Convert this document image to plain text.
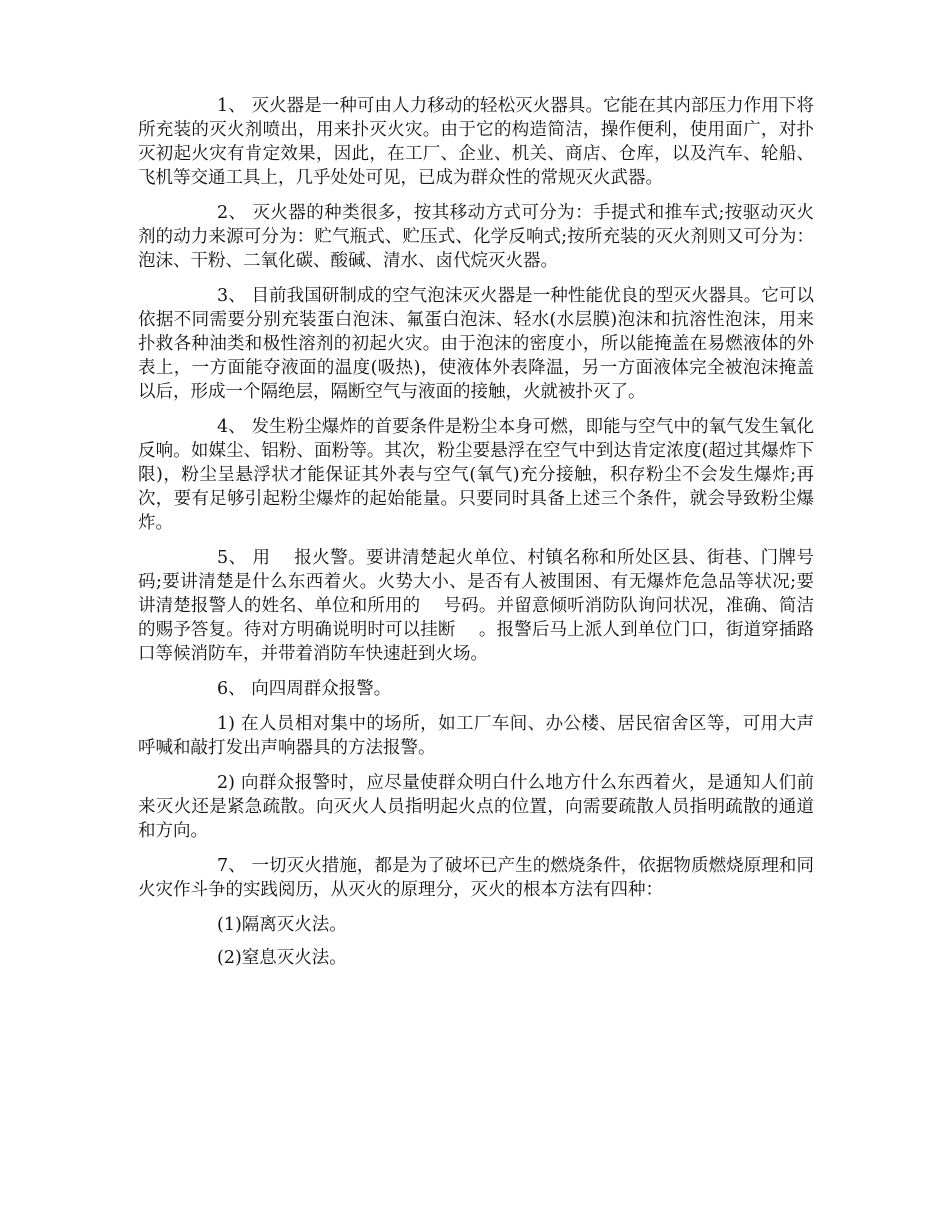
1、 灭火器是一种可由人力移动的轻松灭火器具。它能在其内部压力作用下将所充装的灭火剂喷出，用来扑灭火灾。由于它的构造简洁，操作便利，使用面广，对扑灭初起火灾有肯定效果，因此，在工厂、企业、机关、商店、仓库，以及汽车、轮船、飞机等交通工具上，几乎处处可见，已成为群众性的常规灭火武器。

2、 灭火器的种类很多，按其移动方式可分为：手提式和推车式;按驱动灭火剂的动力来源可分为：贮气瓶式、贮压式、化学反响式;按所充装的灭火剂则又可分为：泡沫、干粉、二氧化碳、酸碱、清水、卤代烷灭火器。

3、 目前我国研制成的空气泡沫灭火器是一种性能优良的型灭火器具。它可以依据不同需要分别充装蛋白泡沫、氟蛋白泡沫、轻水(水层膜)泡沫和抗溶性泡沫，用来扑救各种油类和极性溶剂的初起火灾。由于泡沫的密度小，所以能掩盖在易燃液体的外表上，一方面能夺液面的温度(吸热)，使液体外表降温，另一方面液体完全被泡沫掩盖以后，形成一个隔绝层，隔断空气与液面的接触，火就被扑灭了。

4、 发生粉尘爆炸的首要条件是粉尘本身可燃，即能与空气中的氧气发生氧化反响。如媒尘、铝粉、面粉等。其次，粉尘要悬浮在空气中到达肯定浓度(超过其爆炸下限)，粉尘呈悬浮状才能保证其外表与空气(氧气)充分接触，积存粉尘不会发生爆炸;再次，要有足够引起粉尘爆炸的起始能量。只要同时具备上述三个条件，就会导致粉尘爆炸。

5、 用　 报火警。要讲清楚起火单位、村镇名称和所处区县、街巷、门牌号码;要讲清楚是什么东西着火。火势大小、是否有人被围困、有无爆炸危急品等状况;要讲清楚报警人的姓名、单位和所用的　 号码。并留意倾听消防队询问状况，准确、简洁的赐予答复。待对方明确说明时可以挂断　 。报警后马上派人到单位门口，街道穿插路口等候消防车，并带着消防车快速赶到火场。

6、 向四周群众报警。

1) 在人员相对集中的场所，如工厂车间、办公楼、居民宿舍区等，可用大声呼喊和敲打发出声响器具的方法报警。

2) 向群众报警时，应尽量使群众明白什么地方什么东西着火，是通知人们前来灭火还是紧急疏散。向灭火人员指明起火点的位置，向需要疏散人员指明疏散的通道和方向。

7、 一切灭火措施，都是为了破坏已产生的燃烧条件，依据物质燃烧原理和同火灾作斗争的实践阅历，从灭火的原理分，灭火的根本方法有四种：

(1)隔离灭火法。

(2)窒息灭火法。
